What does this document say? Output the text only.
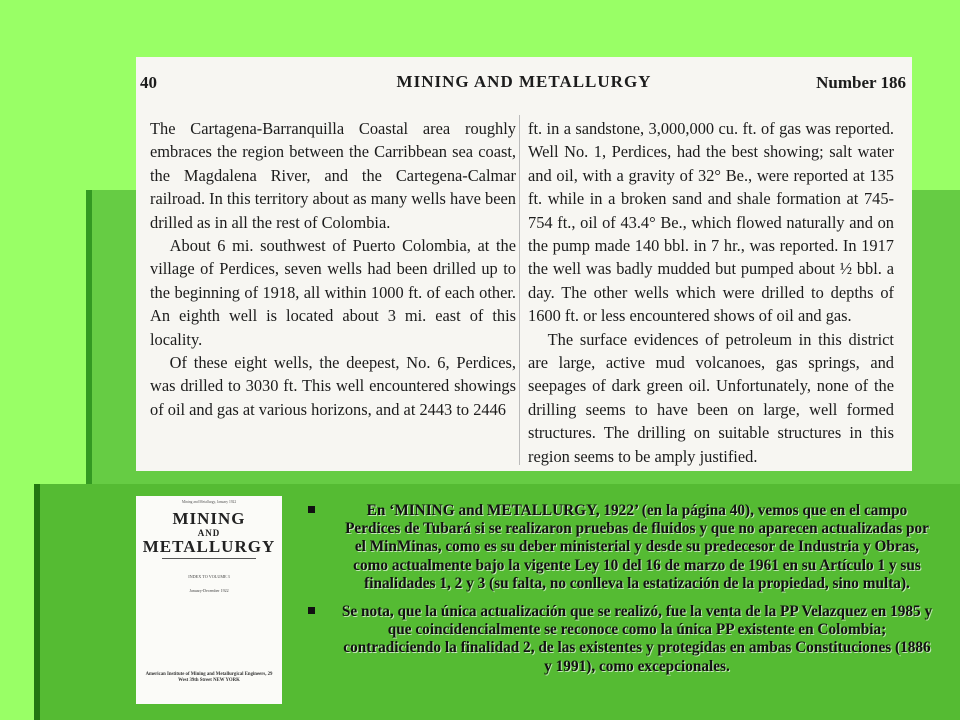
40	MINING AND METALLURGY	Number 186

The Cartagena-Barranquilla Coastal area roughly embraces the region between the Carribbean sea coast, the Magdalena River, and the Cartegena-Calmar railroad. In this territory about as many wells have been drilled as in all the rest of Colombia.

About 6 mi. southwest of Puerto Colombia, at the village of Perdices, seven wells had been drilled up to the beginning of 1918, all within 1000 ft. of each other. An eighth well is located about 3 mi. east of this locality.

Of these eight wells, the deepest, No. 6, Perdices, was drilled to 3030 ft. This well encountered showings of oil and gas at various horizons, and at 2443 to 2446

ft. in a sandstone, 3,000,000 cu. ft. of gas was reported. Well No. 1, Perdices, had the best showing; salt water and oil, with a gravity of 32° Be., were reported at 135 ft. while in a broken sand and shale formation at 745-754 ft., oil of 43.4° Be., which flowed naturally and on the pump made 140 bbl. in 7 hr., was reported. In 1917 the well was badly mudded but pumped about ½ bbl. a day. The other wells which were drilled to depths of 1600 ft. or less encountered shows of oil and gas.

The surface evidences of petroleum in this district are large, active mud volcanoes, gas springs, and seepages of dark green oil. Unfortunately, none of the drilling seems to have been on large, well formed structures. The drilling on suitable structures in this region seems to be amply justified.

Mining and Metallurgy, January 1922
MINING
AND
METALLURGY
INDEX TO VOLUME 3
January-December 1922
American Institute of Mining and Metallurgical Engineers, 29 West 39th Street NEW YORK
En ‘MINING and METALLURGY, 1922’ (en la página 40), vemos que en el campo Perdices de Tubará si se realizaron pruebas de fluidos y que no aparecen actualizadas por el MinMinas, como es su deber ministerial y desde su predecesor de Industria y Obras, como actualmente bajo la vigente Ley 10 del 16 de marzo de 1961 en su Artículo 1 y sus finalidades 1, 2 y 3 (su falta, no conlleva la estatización de la propiedad, sino multa).
Se nota, que la única actualización que se realizó, fue la venta de la PP Velazquez en 1985 y que coincidencialmente se reconoce como la única PP existente en Colombia; contradiciendo la finalidad 2, de las existentes y protegidas en ambas Constituciones (1886 y 1991), como excepcionales.
